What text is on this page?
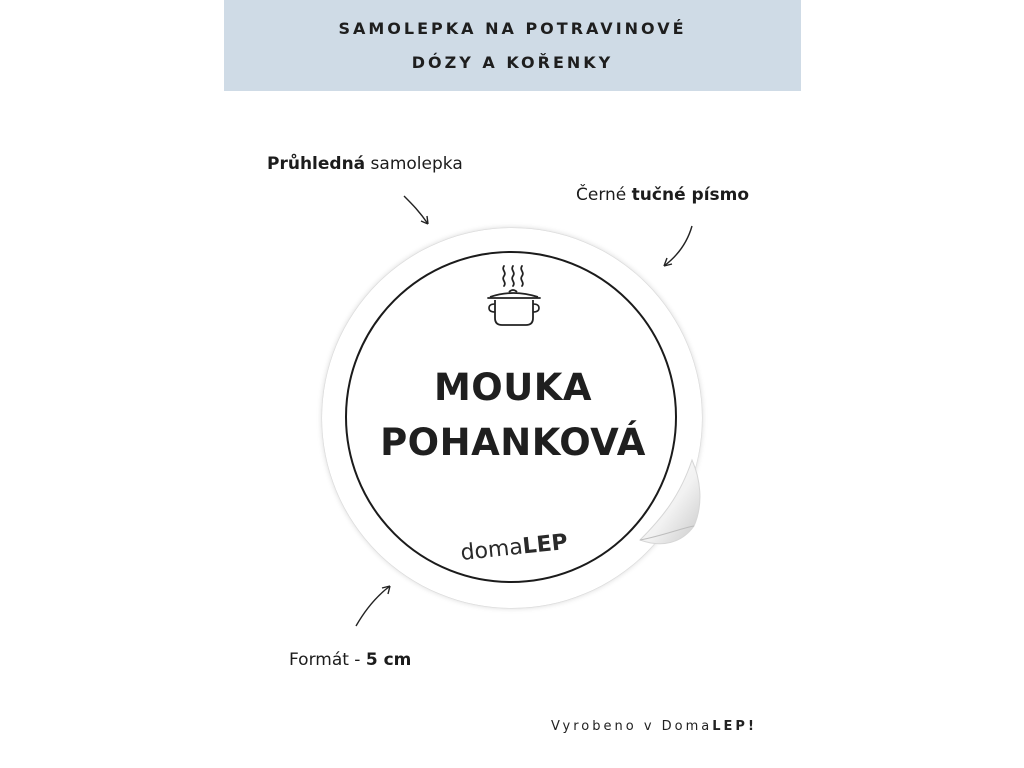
SAMOLEPKA NA POTRAVINOVÉ
DÓZY A KOŘENKY
Průhledná samolepka
Černé tučné písmo
Formát - 5 cm
MOUKA
POHANKOVÁ
domaLEP
Vyrobeno v DomaLEP!
